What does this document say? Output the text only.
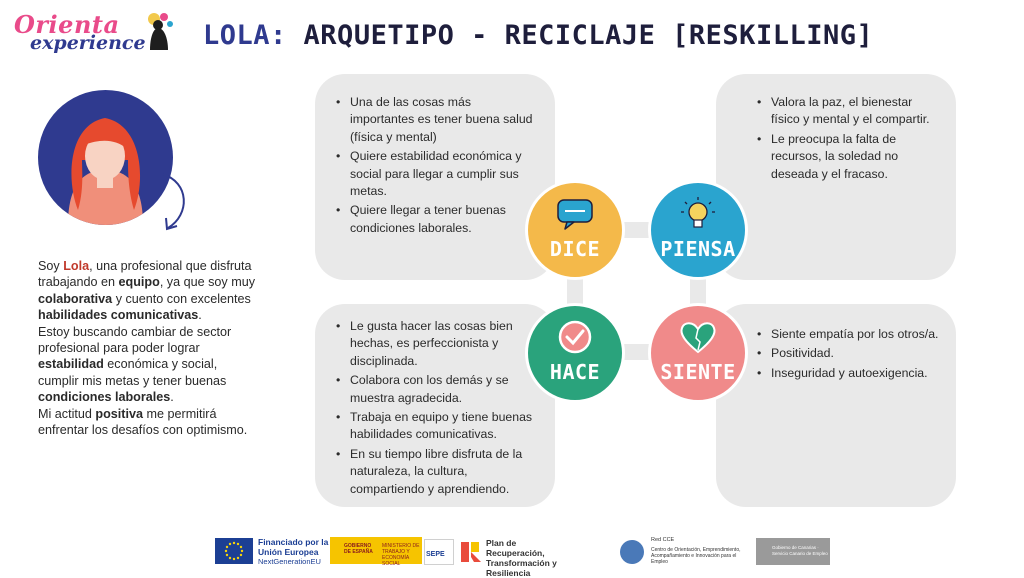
Orienta
experience LOLA: ARQUETIPO - RECICLAJE [RESKILLING]
Soy Lola, una profesional que disfruta trabajando en equipo, ya que soy muy colaborativa y cuento con excelentes habilidades comunicativas.
Estoy buscando cambiar de sector profesional para poder lograr estabilidad económica y social, cumplir mis metas y tener buenas condiciones laborales.
Mi actitud positiva me permitirá enfrentar los desafíos con optimismo.
• Una de las cosas más importantes es tener buena salud (física y mental)
• Quiere estabilidad económica y social para llegar a cumplir sus metas.
• Quiere llegar a tener buenas condiciones laborales.
• Valora la paz, el bienestar físico y mental y el compartir.
• Le preocupa la falta de recursos, la soledad no deseada y el fracaso.
• Le gusta hacer las cosas bien hechas, es perfeccionista y disciplinada.
• Colabora con los demás y se muestra agradecida.
• Trabaja en equipo y tiene buenas habilidades comunicativas.
• En su tiempo libre disfruta de la naturaleza, la cultura, compartiendo y aprendiendo.
• Siente empatía por los otros/a.
• Positividad.
• Inseguridad y autoexigencia.
DICE	PIENSA
HACE	SIENTE
Financiado por la Unión Europea
NextGenerationEU
GOBIERNO DE ESPAÑA
MINISTERIO DE TRABAJO Y ECONOMÍA SOCIAL
SEPE
Plan de Recuperación, Transformación y Resiliencia
Red CCE
Centro de Orientación, Emprendimiento, Acompañamiento e Innovación para el Empleo
Gobierno de Canarias · Servicio Canario de Empleo
